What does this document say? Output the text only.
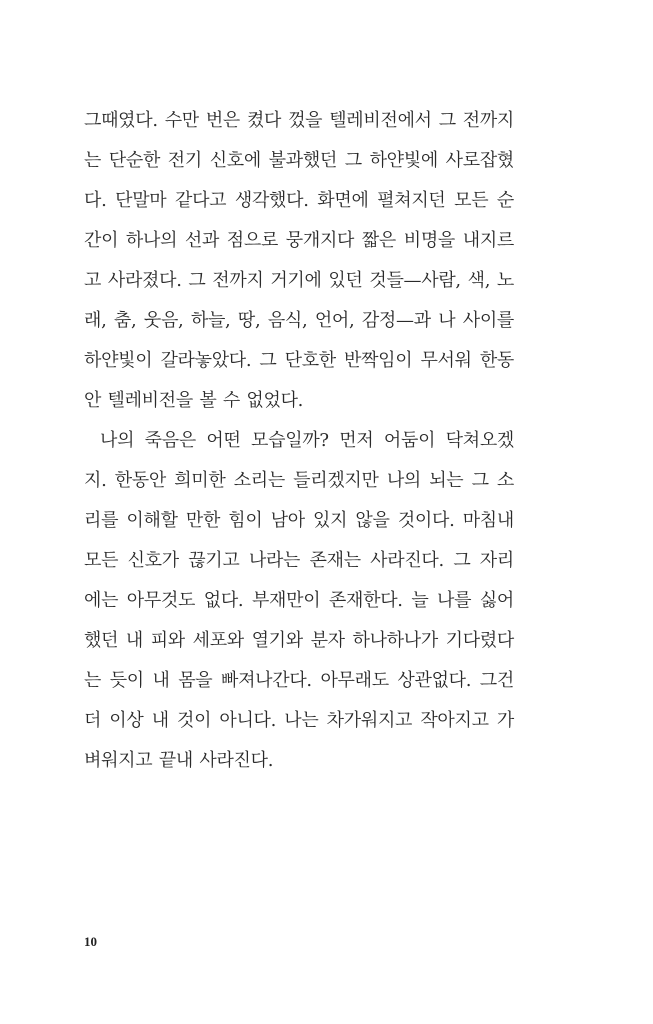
그때였다. 수만 번은 켰다 껐을 텔레비전에서 그 전까지
는 단순한 전기 신호에 불과했던 그 하얀빛에 사로잡혔
다. 단말마 같다고 생각했다. 화면에 펼쳐지던 모든 순
간이 하나의 선과 점으로 뭉개지다 짧은 비명을 내지르
고 사라졌다. 그 전까지 거기에 있던 것들—사람, 색, 노
래, 춤, 웃음, 하늘, 땅, 음식, 언어, 감정—과 나 사이를
하얀빛이 갈라놓았다. 그 단호한 반짝임이 무서워 한동
안 텔레비전을 볼 수 없었다.
나의 죽음은 어떤 모습일까? 먼저 어둠이 닥쳐오겠
지. 한동안 희미한 소리는 들리겠지만 나의 뇌는 그 소
리를 이해할 만한 힘이 남아 있지 않을 것이다. 마침내
모든 신호가 끊기고 나라는 존재는 사라진다. 그 자리
에는 아무것도 없다. 부재만이 존재한다. 늘 나를 싫어
했던 내 피와 세포와 열기와 분자 하나하나가 기다렸다
는 듯이 내 몸을 빠져나간다. 아무래도 상관없다. 그건
더 이상 내 것이 아니다. 나는 차가워지고 작아지고 가
벼워지고 끝내 사라진다.
10
